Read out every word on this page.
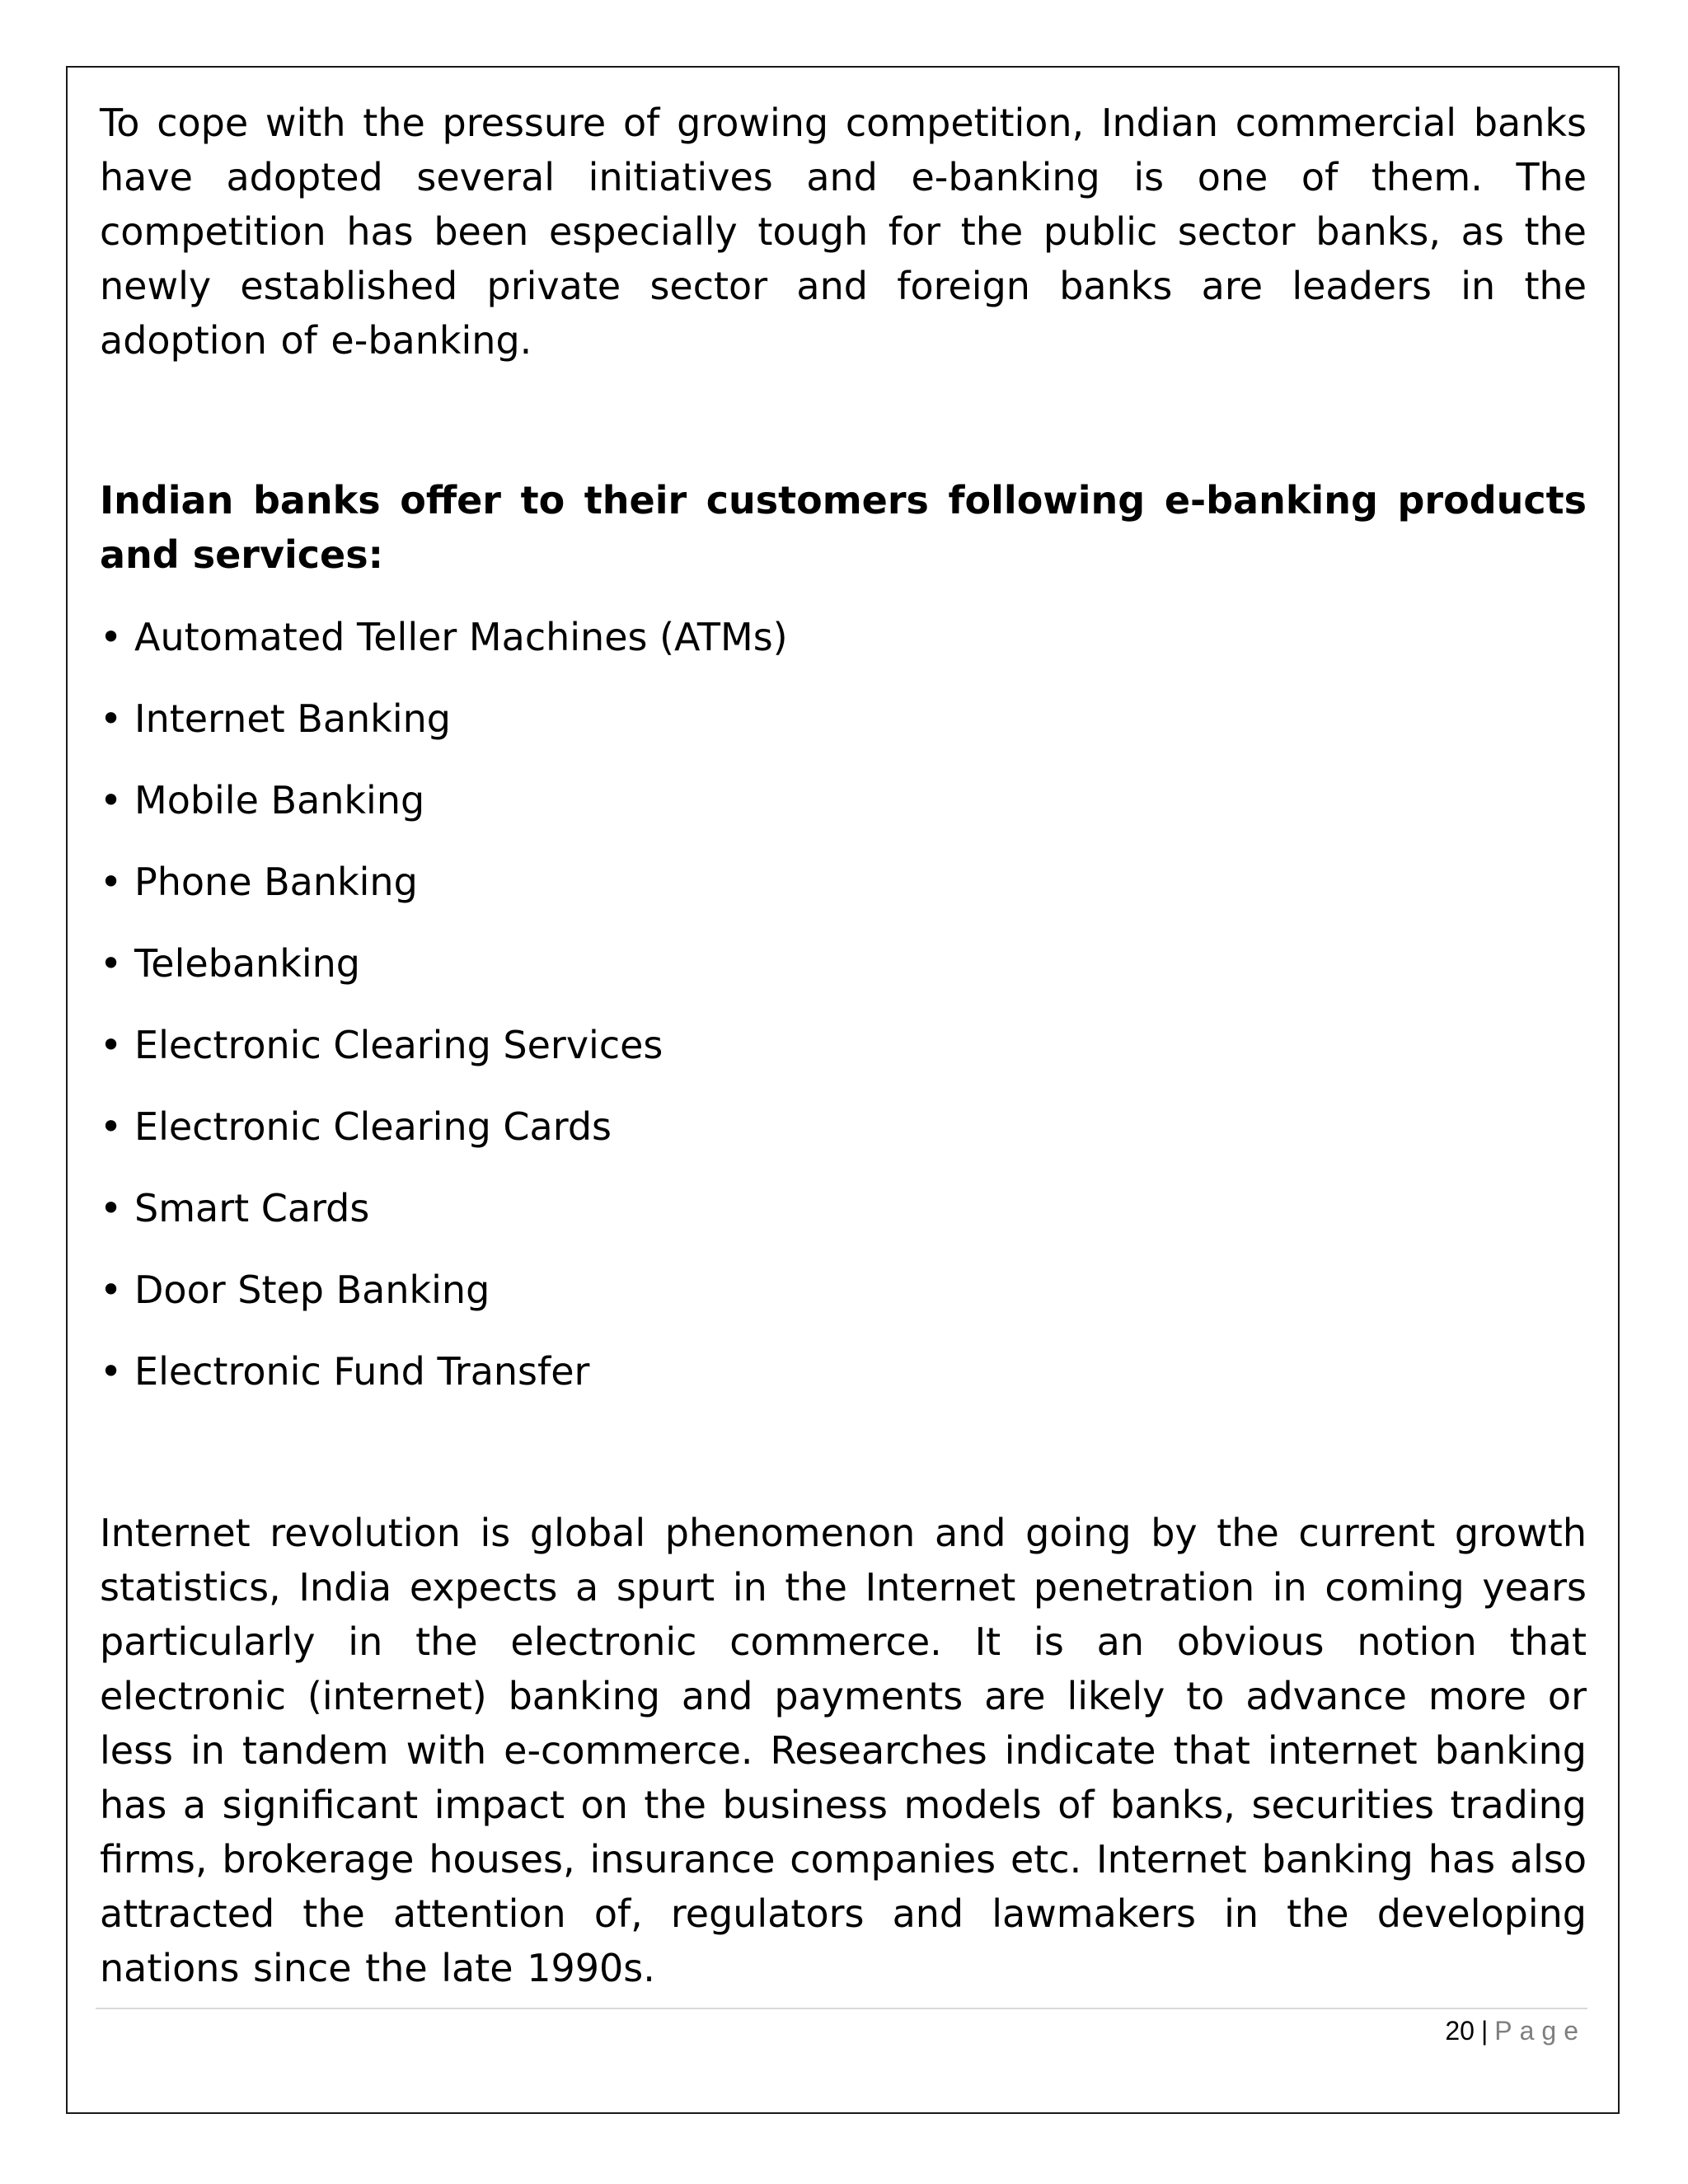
To cope with the pressure of growing competition, Indian commercial banks have adopted several initiatives and e-banking is one of them. The competition has been especially tough for the public sector banks, as the newly established private sector and foreign banks are leaders in the adoption of e-banking.

Indian banks offer to their customers following e-banking products and services:

• Automated Teller Machines (ATMs)
• Internet Banking
• Mobile Banking
• Phone Banking
• Telebanking
• Electronic Clearing Services
• Electronic Clearing Cards
• Smart Cards
• Door Step Banking
• Electronic Fund Transfer

Internet revolution is global phenomenon and going by the current growth statistics, India expects a spurt in the Internet penetration in coming years particularly in the electronic commerce. It is an obvious notion that electronic (internet) banking and payments are likely to advance more or less in tandem with e-commerce. Researches indicate that internet banking has a significant impact on the business models of banks, securities trading firms, brokerage houses, insurance companies etc. Internet banking has also attracted the attention of, regulators and lawmakers in the developing nations since the late 1990s.

20 | Page
